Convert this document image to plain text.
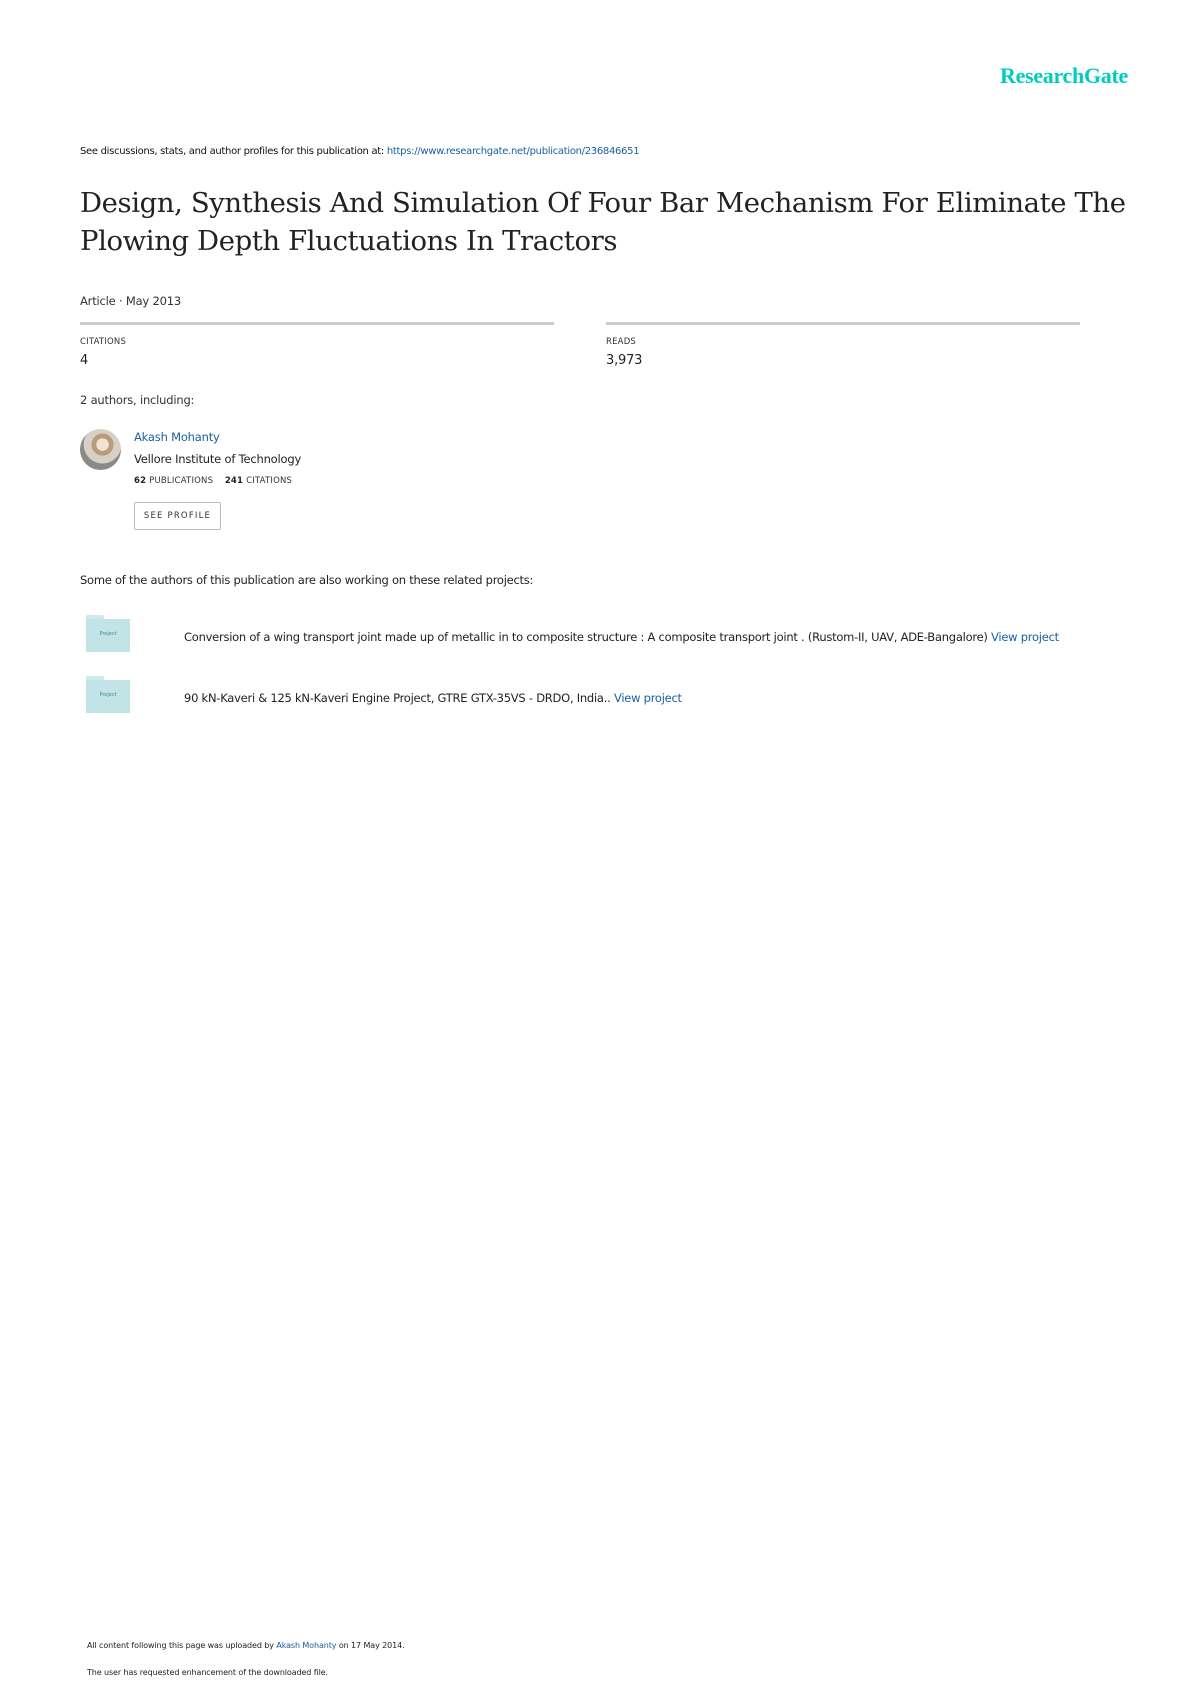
ResearchGate
See discussions, stats, and author profiles for this publication at: https://www.researchgate.net/publication/236846651
Design, Synthesis And Simulation Of Four Bar Mechanism For Eliminate The Plowing Depth Fluctuations In Tractors
Article · May 2013
CITATIONS
4
READS
3,973
2 authors, including:
Akash Mohanty
Vellore Institute of Technology
62 PUBLICATIONS 241 CITATIONS
SEE PROFILE
Some of the authors of this publication are also working on these related projects:
Project	Conversion of a wing transport joint made up of metallic in to composite structure : A composite transport joint . (Rustom-II, UAV, ADE-Bangalore) View project
Project	90 kN-Kaveri & 125 kN-Kaveri Engine Project, GTRE GTX-35VS - DRDO, India.. View project
All content following this page was uploaded by Akash Mohanty on 17 May 2014.
The user has requested enhancement of the downloaded file.
